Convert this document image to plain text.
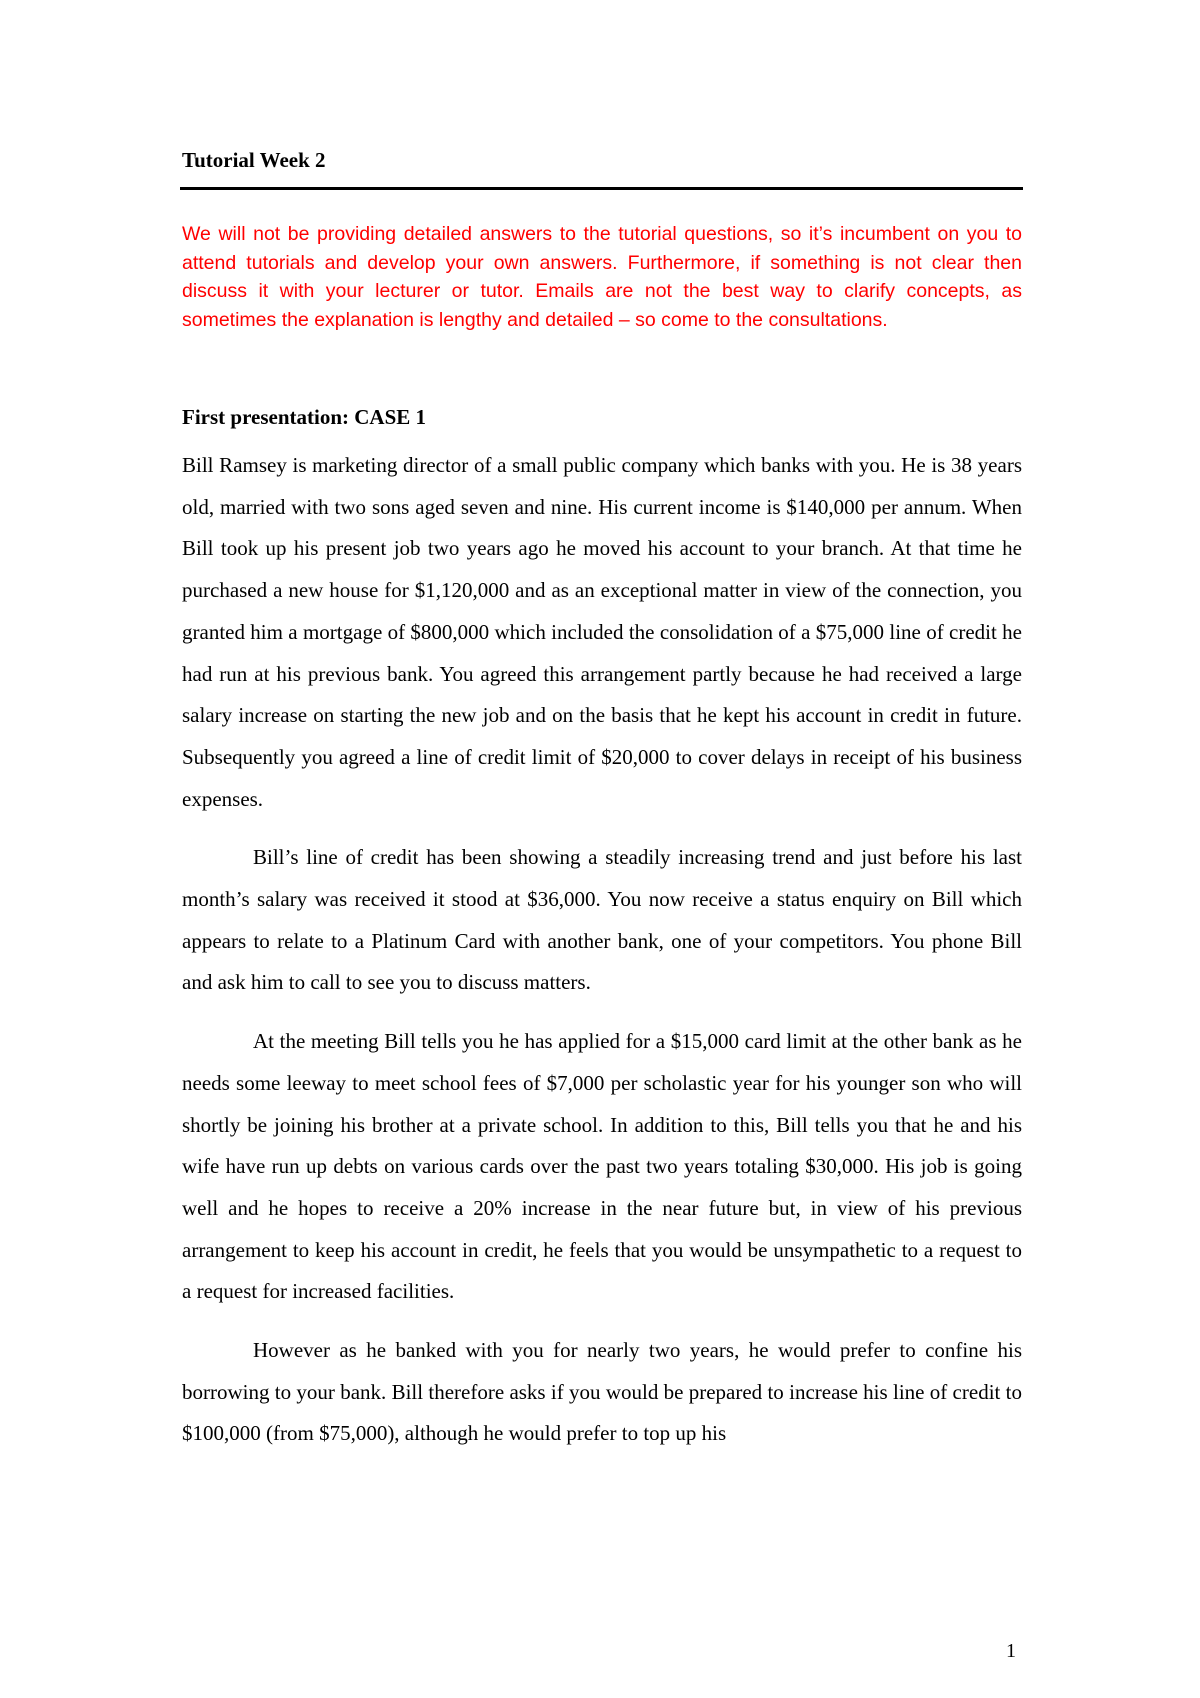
Tutorial Week 2

We will not be providing detailed answers to the tutorial questions, so it’s incumbent on you to attend tutorials and develop your own answers. Furthermore, if something is not clear then discuss it with your lecturer or tutor. Emails are not the best way to clarify concepts, as sometimes the explanation is lengthy and detailed – so come to the consultations.

First presentation: CASE 1

Bill Ramsey is marketing director of a small public company which banks with you. He is 38 years old, married with two sons aged seven and nine. His current income is $140,000 per annum. When Bill took up his present job two years ago he moved his account to your branch. At that time he purchased a new house for $1,120,000 and as an exceptional matter in view of the connection, you granted him a mortgage of $800,000 which included the consolidation of a $75,000 line of credit he had run at his previous bank. You agreed this arrangement partly because he had received a large salary increase on starting the new job and on the basis that he kept his account in credit in future. Subsequently you agreed a line of credit limit of $20,000 to cover delays in receipt of his business expenses.

Bill’s line of credit has been showing a steadily increasing trend and just before his last month’s salary was received it stood at $36,000. You now receive a status enquiry on Bill which appears to relate to a Platinum Card with another bank, one of your competitors. You phone Bill and ask him to call to see you to discuss matters.

At the meeting Bill tells you he has applied for a $15,000 card limit at the other bank as he needs some leeway to meet school fees of $7,000 per scholastic year for his younger son who will shortly be joining his brother at a private school. In addition to this, Bill tells you that he and his wife have run up debts on various cards over the past two years totaling $30,000. His job is going well and he hopes to receive a 20% increase in the near future but, in view of his previous arrangement to keep his account in credit, he feels that you would be unsympathetic to a request to a request for increased facilities.

However as he banked with you for nearly two years, he would prefer to confine his borrowing to your bank. Bill therefore asks if you would be prepared to increase his line of credit to $100,000 (from $75,000), although he would prefer to top up his

1
